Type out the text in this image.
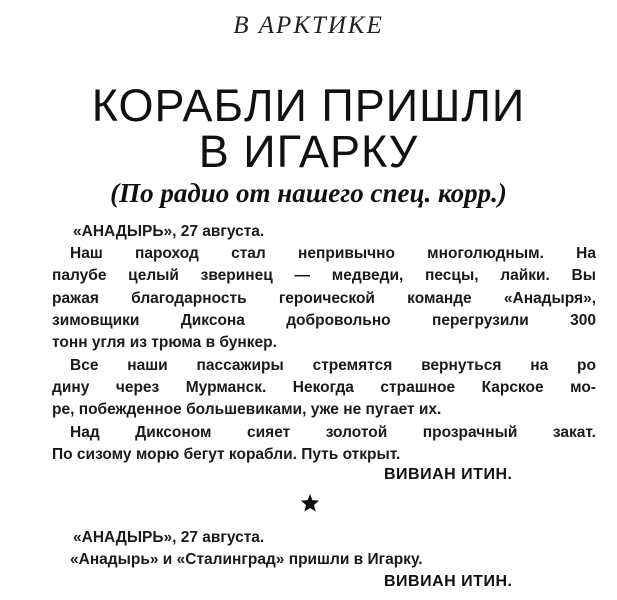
В АРКТИКЕ
КОРАБЛИ ПРИШЛИ
В ИГАРКУ
(По радио от нашего спец. корр.)
«АНАДЫРЬ», 27 августа.
Наш пароход стал непривычно многолюдным. На
палубе целый зверинец — медведи, песцы, лайки. Вы
ражая благодарность героической команде «Анадыря»,
зимовщики	Диксона	добровольно	перегрузили	300
тонн угля из трюма в бункер.
Все наши пассажиры стремятся вернуться на ро
дину через Мурманск. Некогда страшное Карское мо-
ре, побежденное большевиками, уже не пугает их.
Над Диксоном сияет золотой прозрачный закат.
По сизому морю бегут корабли. Путь открыт.
ВИВИАН ИТИН.
«АНАДЫРЬ», 27 августа.
«Анадырь» и «Сталинград» пришли в Игарку.
ВИВИАН ИТИН.
